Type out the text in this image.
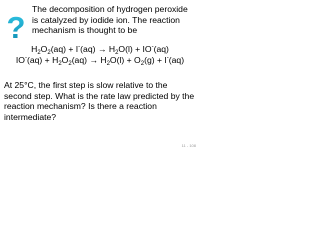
?

The decomposition of hydrogen peroxide is catalyzed by iodide ion. The reaction mechanism is thought to be

$H_2O_2(aq) + I^-(aq) \to H_2O(l) + IO^-(aq)$
$IO^-(aq) + H_2O_2(aq) \to H_2O(l) + O_2(g) + I^-(aq)$

At 25°C, the first step is slow relative to the second step. What is the rate law predicted by the reaction mechanism? Is there a reaction intermediate?

11 - 108
